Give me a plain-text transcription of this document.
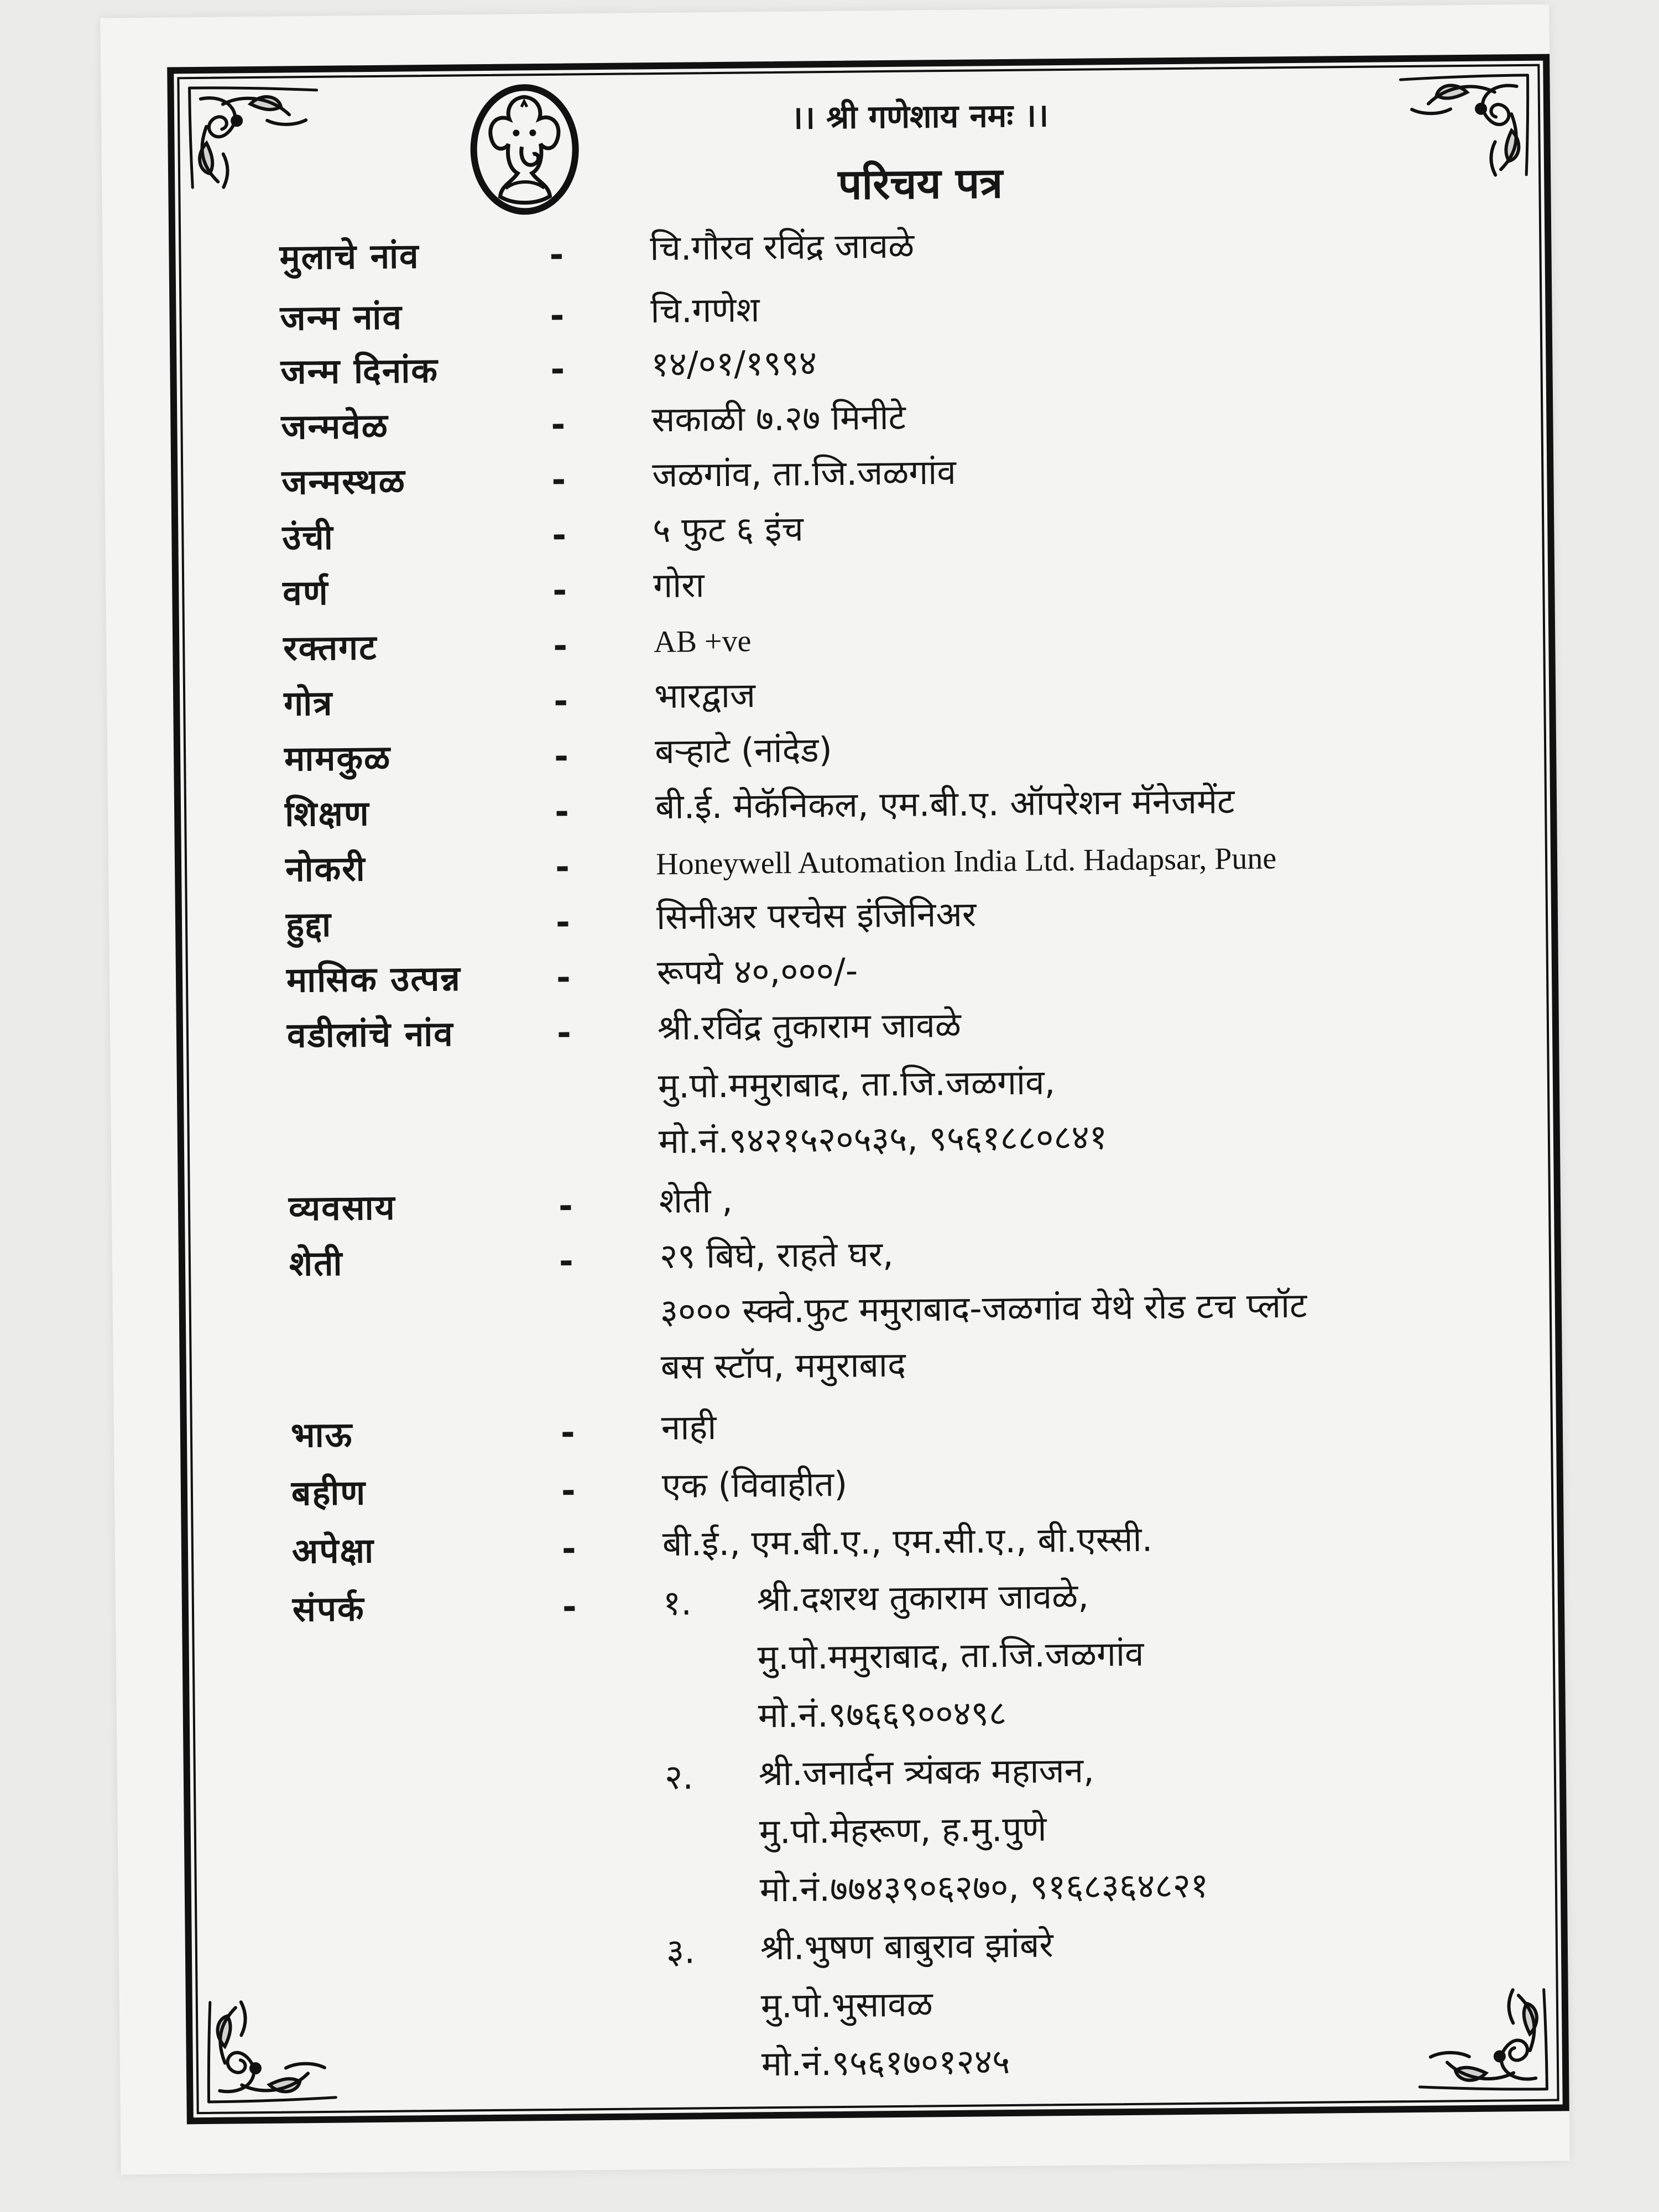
।। श्री गणेशाय नमः ।।
परिचय पत्र
मुलाचे नांव	-	चि.गौरव रविंद्र जावळे
जन्म नांव	-	चि.गणेश
जन्म दिनांक	-	१४/०१/१९९४
जन्मवेळ	-	सकाळी ७.२७ मिनीटे
जन्मस्थळ	-	जळगांव, ता.जि.जळगांव
उंची	-	५ फुट ६ इंच
वर्ण	-	गोरा
रक्तगट	-	AB +ve
गोत्र	-	भारद्वाज
मामकुळ	-	बऱ्हाटे (नांदेड)
शिक्षण	-	बी.ई. मेकॅनिकल, एम.बी.ए. ऑपरेशन मॅनेजमेंट
नोकरी	-	Honeywell Automation India Ltd. Hadapsar, Pune
हुद्दा	-	सिनीअर परचेस इंजिनिअर
मासिक उत्पन्न	-	रूपये ४०,०००/-
वडीलांचे नांव	-	श्री.रविंद्र तुकाराम जावळे
मु.पो.ममुराबाद, ता.जि.जळगांव,
मो.नं.९४२१५२०५३५, ९५६१८८०८४१
व्यवसाय	-	शेती ,
शेती	-	२९ बिघे, राहते घर,
३००० स्क्वे.फुट ममुराबाद-जळगांव येथे रोड टच प्लॉट
बस स्टॉप, ममुराबाद
भाऊ	-	नाही
बहीण	-	एक (विवाहीत)
अपेक्षा	-	बी.ई., एम.बी.ए., एम.सी.ए., बी.एस्सी.
संपर्क	-	१. श्री.दशरथ तुकाराम जावळे,
मु.पो.ममुराबाद, ता.जि.जळगांव
मो.नं.९७६६९००४९८
२. श्री.जनार्दन त्र्यंबक महाजन,
मु.पो.मेहरूण, ह.मु.पुणे
मो.नं.७७४३९०६२७०, ९१६८३६४८२१
३. श्री.भुषण बाबुराव झांबरे
मु.पो.भुसावळ
मो.नं.९५६१७०१२४५
